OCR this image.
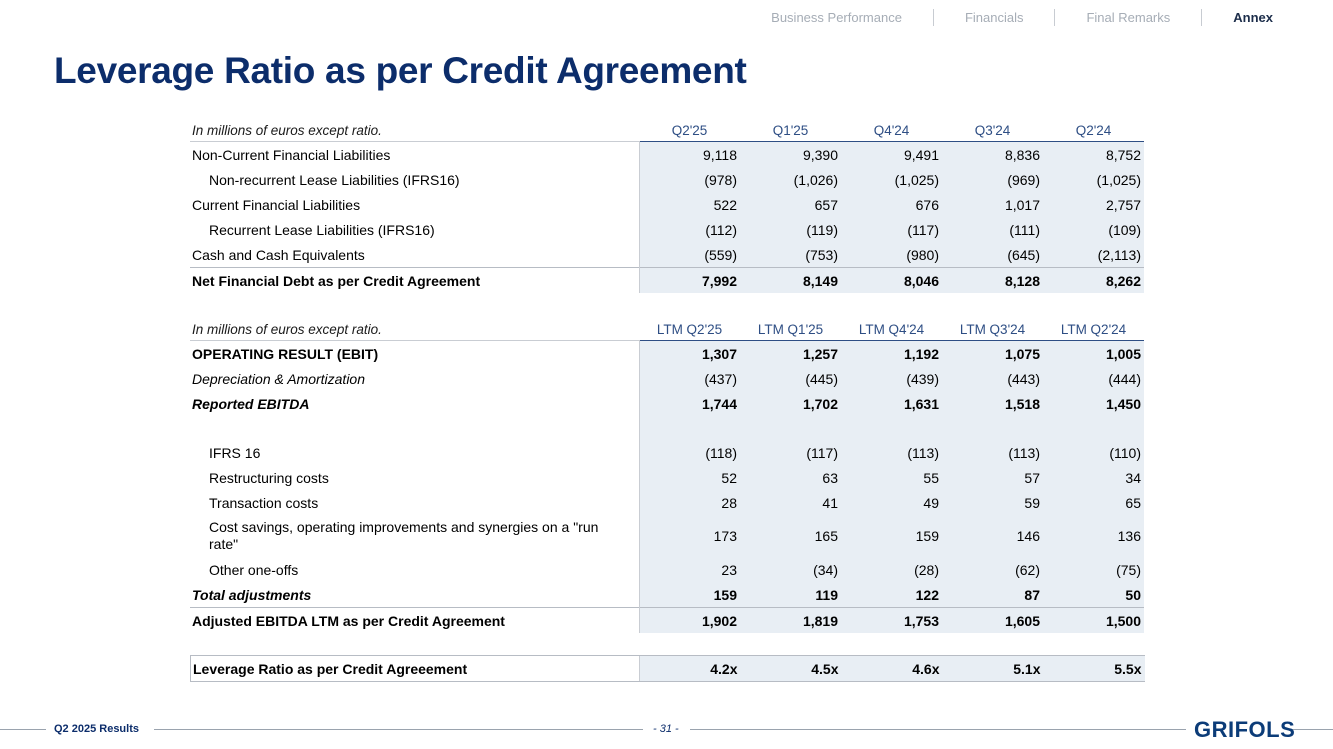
Business Performance	Financials	Final Remarks	Annex
Leverage Ratio as per Credit Agreement
In millions of euros except ratio.	Q2'25	Q1'25	Q4'24	Q3'24	Q2'24
Non-Current Financial Liabilities	9,118	9,390	9,491	8,836	8,752
Non-recurrent Lease Liabilities (IFRS16)	(978)	(1,026)	(1,025)	(969)	(1,025)
Current Financial Liabilities	522	657	676	1,017	2,757
Recurrent Lease Liabilities (IFRS16)	(112)	(119)	(117)	(111)	(109)
Cash and Cash Equivalents	(559)	(753)	(980)	(645)	(2,113)
Net Financial Debt as per Credit Agreement	7,992	8,149	8,046	8,128	8,262
In millions of euros except ratio.	LTM Q2'25	LTM Q1'25	LTM Q4'24	LTM Q3'24	LTM Q2'24
OPERATING RESULT (EBIT)	1,307	1,257	1,192	1,075	1,005
Depreciation & Amortization	(437)	(445)	(439)	(443)	(444)
Reported EBITDA	1,744	1,702	1,631	1,518	1,450

IFRS 16	(118)	(117)	(113)	(113)	(110)
Restructuring costs	52	63	55	57	34
Transaction costs	28	41	49	59	65
Cost savings, operating improvements and synergies on a "run rate"	173	165	159	146	136
Other one-offs	23	(34)	(28)	(62)	(75)
Total adjustments	159	119	122	87	50
Adjusted EBITDA LTM as per Credit Agreement	1,902	1,819	1,753	1,605	1,500
Leverage Ratio as per Credit Agreeement	4.2x	4.5x	4.6x	5.1x	5.5x
Q2 2025 Results	- 31 -	GRIFOLS
